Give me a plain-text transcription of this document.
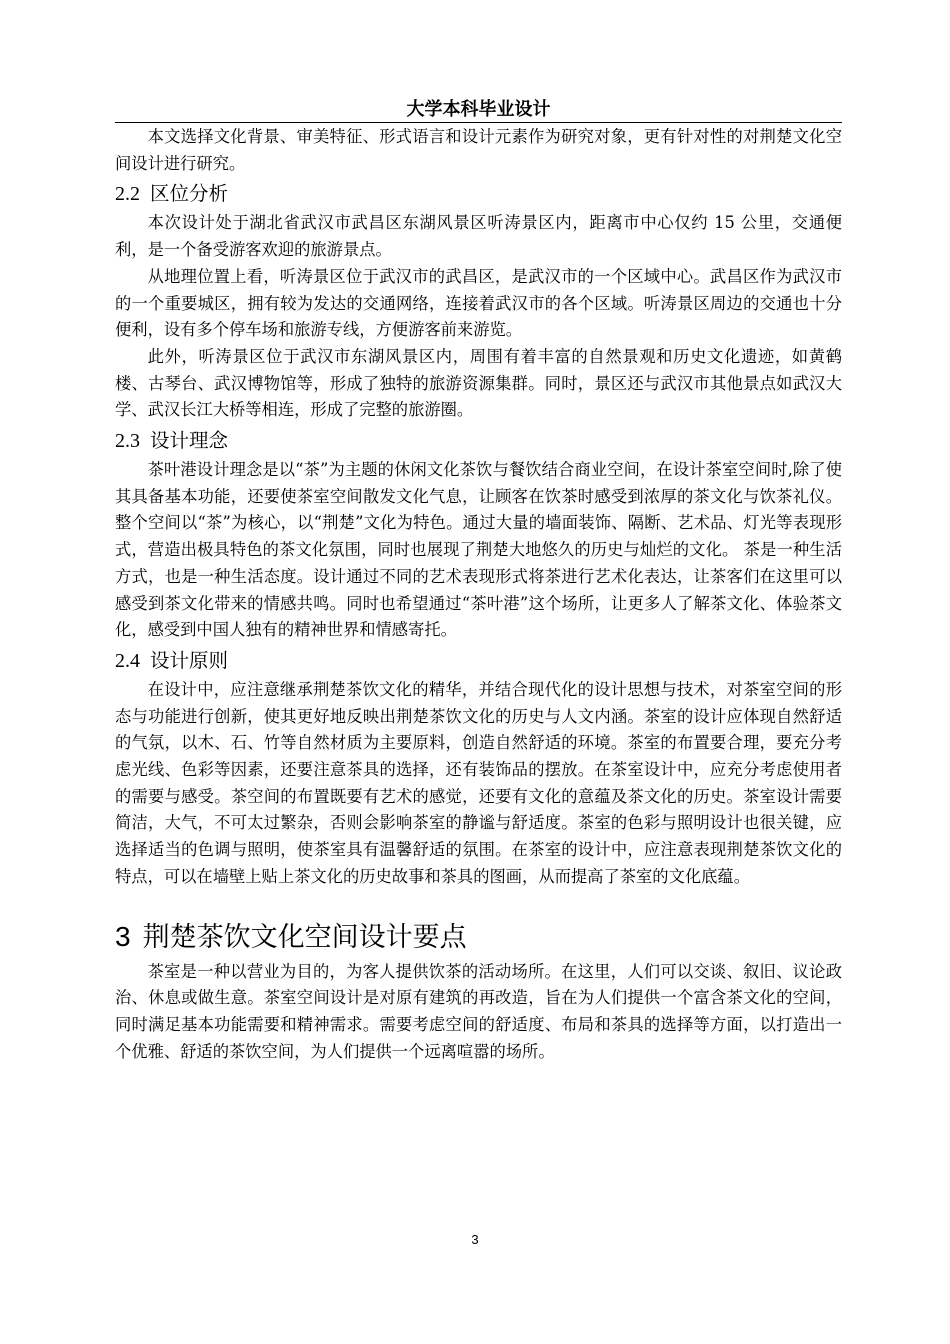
大学本科毕业设计

本文选择文化背景、审美特征、形式语言和设计元素作为研究对象，更有针对性的对荆楚文化空间设计进行研究。

2.2 区位分析

本次设计处于湖北省武汉市武昌区东湖风景区听涛景区内，距离市中心仅约 15 公里，交通便利，是一个备受游客欢迎的旅游景点。

从地理位置上看，听涛景区位于武汉市的武昌区，是武汉市的一个区域中心。武昌区作为武汉市的一个重要城区，拥有较为发达的交通网络，连接着武汉市的各个区域。听涛景区周边的交通也十分便利，设有多个停车场和旅游专线，方便游客前来游览。

此外，听涛景区位于武汉市东湖风景区内，周围有着丰富的自然景观和历史文化遗迹，如黄鹤楼、古琴台、武汉博物馆等，形成了独特的旅游资源集群。同时，景区还与武汉市其他景点如武汉大学、武汉长江大桥等相连，形成了完整的旅游圈。

2.3 设计理念

茶叶港设计理念是以“茶”为主题的休闲文化茶饮与餐饮结合商业空间，在设计茶室空间时,除了使其具备基本功能，还要使茶室空间散发文化气息，让顾客在饮茶时感受到浓厚的茶文化与饮茶礼仪。整个空间以“茶”为核心，以“荆楚”文化为特色。通过大量的墙面装饰、隔断、艺术品、灯光等表现形式，营造出极具特色的茶文化氛围，同时也展现了荆楚大地悠久的历史与灿烂的文化。 茶是一种生活方式，也是一种生活态度。设计通过不同的艺术表现形式将茶进行艺术化表达，让茶客们在这里可以感受到茶文化带来的情感共鸣。同时也希望通过“茶叶港”这个场所，让更多人了解茶文化、体验茶文化，感受到中国人独有的精神世界和情感寄托。

2.4 设计原则

在设计中，应注意继承荆楚茶饮文化的精华，并结合现代化的设计思想与技术，对茶室空间的形态与功能进行创新，使其更好地反映出荆楚茶饮文化的历史与人文内涵。茶室的设计应体现自然舒适的气氛，以木、石、竹等自然材质为主要原料，创造自然舒适的环境。茶室的布置要合理，要充分考虑光线、色彩等因素，还要注意茶具的选择，还有装饰品的摆放。在茶室设计中，应充分考虑使用者的需要与感受。茶空间的布置既要有艺术的感觉，还要有文化的意蕴及茶文化的历史。茶室设计需要简洁，大气，不可太过繁杂，否则会影响茶室的静谧与舒适度。茶室的色彩与照明设计也很关键，应选择适当的色调与照明，使茶室具有温馨舒适的氛围。在茶室的设计中，应注意表现荆楚茶饮文化的特点，可以在墙壁上贴上茶文化的历史故事和茶具的图画，从而提高了茶室的文化底蕴。

3 荆楚茶饮文化空间设计要点

茶室是一种以营业为目的，为客人提供饮茶的活动场所。在这里，人们可以交谈、叙旧、议论政治、休息或做生意。茶室空间设计是对原有建筑的再改造，旨在为人们提供一个富含茶文化的空间，同时满足基本功能需要和精神需求。需要考虑空间的舒适度、布局和茶具的选择等方面，以打造出一个优雅、舒适的茶饮空间，为人们提供一个远离喧嚣的场所。

3
